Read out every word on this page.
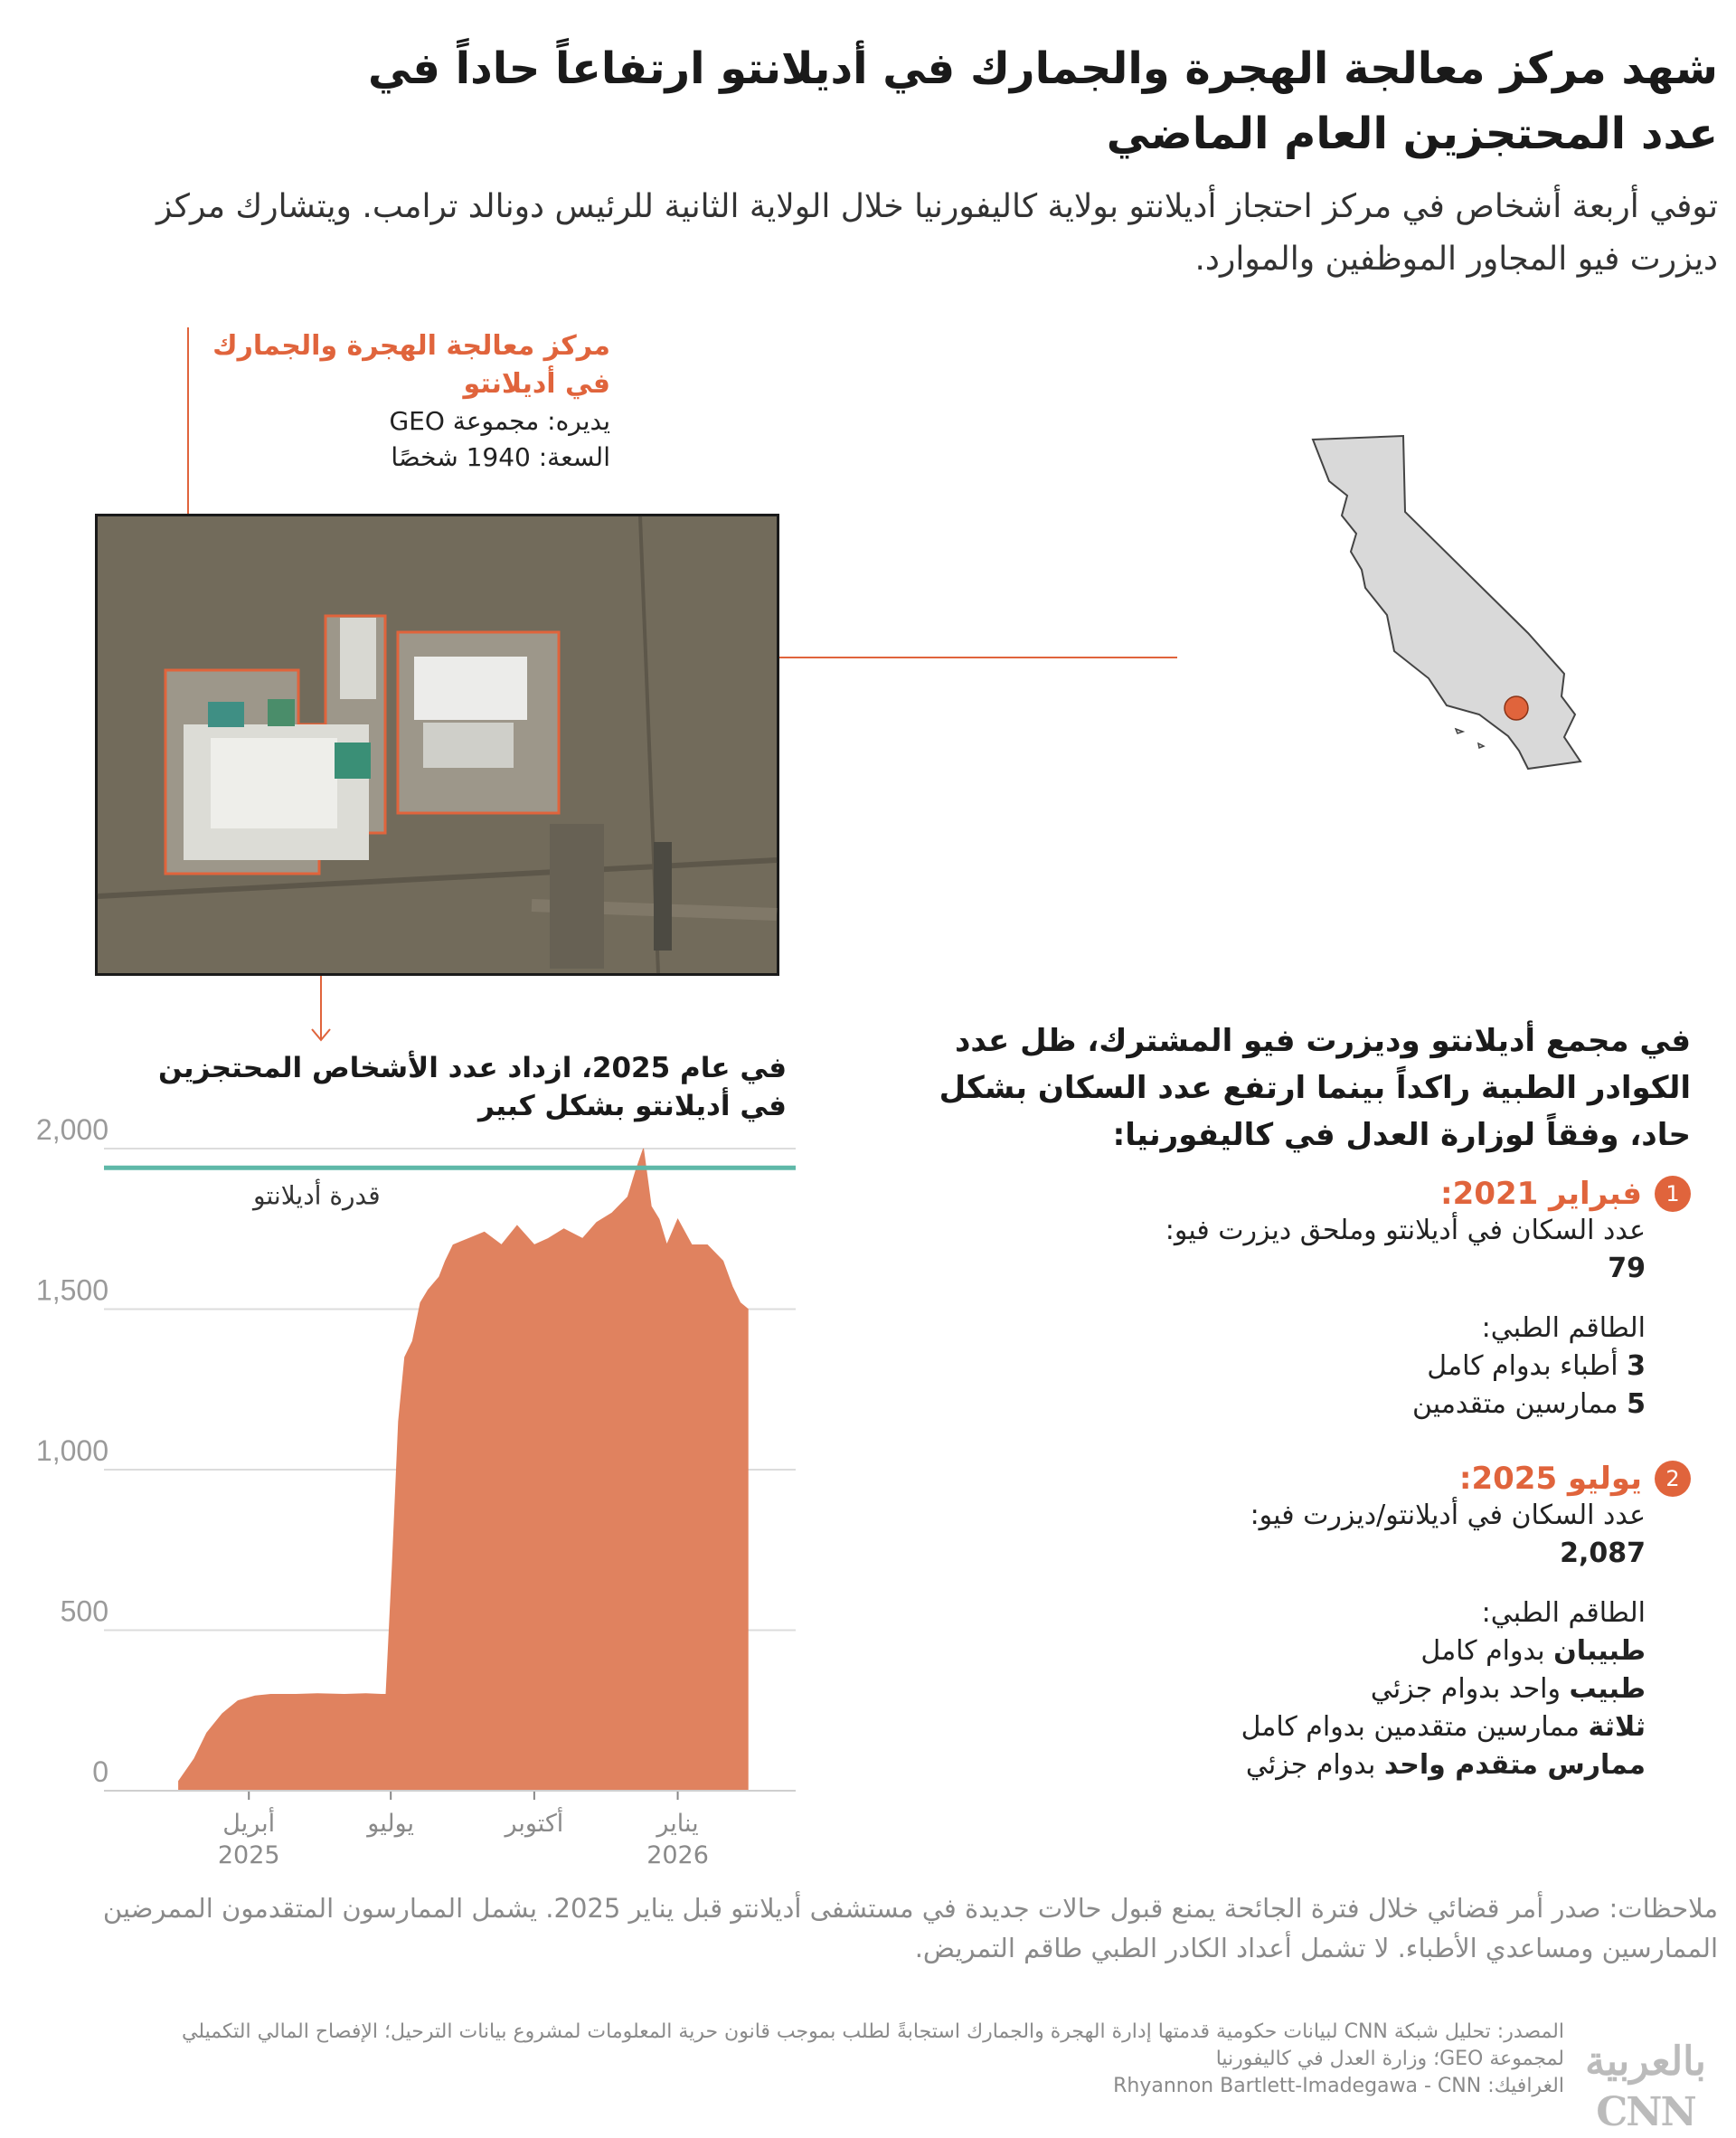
شهد مركز معالجة الهجرة والجمارك في أديلانتو ارتفاعاً حاداً في عدد المحتجزين العام الماضي

توفي أربعة أشخاص في مركز احتجاز أديلانتو بولاية كاليفورنيا خلال الولاية الثانية للرئيس دونالد ترامب. ويتشارك مركز ديزرت فيو المجاور الموظفين والموارد.

مركز معالجة الهجرة والجمارك في أديلانتو
يديره: مجموعة GEO
السعة: 1940 شخصًا
في عام 2025، ازداد عدد الأشخاص المحتجزين في أديلانتو بشكل كبير
0
500
1,000
1,500
2,000
قدرة أديلانتو
أبريل
2025
يوليو	أكتوبر	يناير
2026

في مجمع أديلانتو وديزرت فيو المشترك، ظل عدد الكوادر الطبية راكداً بينما ارتفع عدد السكان بشكل حاد، وفقاً لوزارة العدل في كاليفورنيا:

1
فبراير 2021:

عدد السكان في أديلانتو وملحق ديزرت فيو:

79

الطاقم الطبي:

3 أطباء بدوام كامل

5 ممارسين متقدمين

2
يوليو 2025:

عدد السكان في أديلانتو/ديزرت فيو:

2,087

الطاقم الطبي:

طبيبان بدوام كامل

طبيب واحد بدوام جزئي

ثلاثة ممارسين متقدمين بدوام كامل

ممارس متقدم واحد بدوام جزئي

ملاحظات: صدر أمر قضائي خلال فترة الجائحة يمنع قبول حالات جديدة في مستشفى أديلانتو قبل يناير 2025. يشمل الممارسون المتقدمون الممرضين الممارسين ومساعدي الأطباء. لا تشمل أعداد الكادر الطبي طاقم التمريض.

المصدر: تحليل شبكة CNN لبيانات حكومية قدمتها إدارة الهجرة والجمارك استجابةً لطلب بموجب قانون حرية المعلومات لمشروع بيانات الترحيل؛ الإفصاح المالي التكميلي لمجموعة GEO؛ وزارة العدل في كاليفورنيا
الغرافيك: Rhyannon Bartlett-Imadegawa - CNN
بالعربية CNN
